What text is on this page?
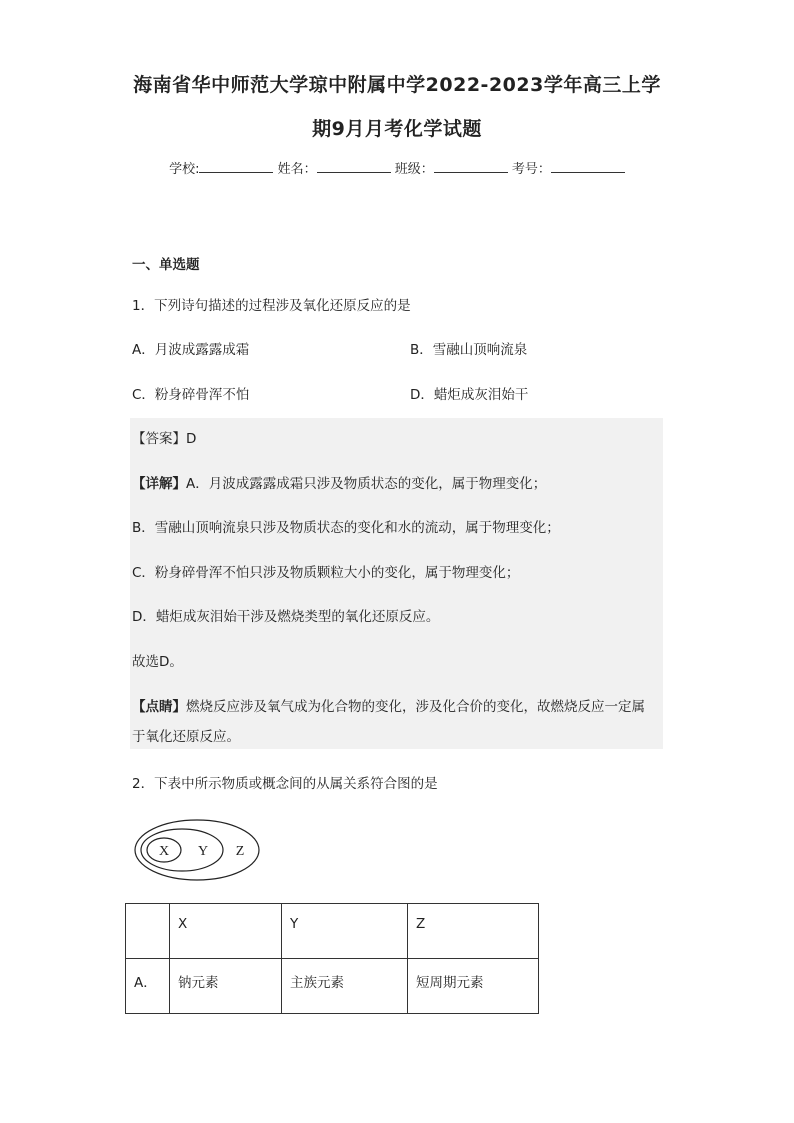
海南省华中师范大学琼中附属中学2022-2023学年高三上学
期9月月考化学试题
学校:	姓名：	班级：	考号：
一、单选题
1．下列诗句描述的过程涉及氧化还原反应的是
A．月波成露露成霜	B．雪融山顶响流泉
C．粉身碎骨浑不怕	D．蜡炬成灰泪始干
【答案】D
【详解】A．月波成露露成霜只涉及物质状态的变化，属于物理变化；
B．雪融山顶响流泉只涉及物质状态的变化和水的流动，属于物理变化；
C．粉身碎骨浑不怕只涉及物质颗粒大小的变化，属于物理变化；
D．蜡炬成灰泪始干涉及燃烧类型的氧化还原反应。
故选D。
【点睛】燃烧反应涉及氧气成为化合物的变化，涉及化合价的变化，故燃烧反应一定属
于氧化还原反应。
2．下表中所示物质或概念间的从属关系符合图的是
X Y Z
	X	Y	Z
A．	钠元素	主族元素	短周期元素
